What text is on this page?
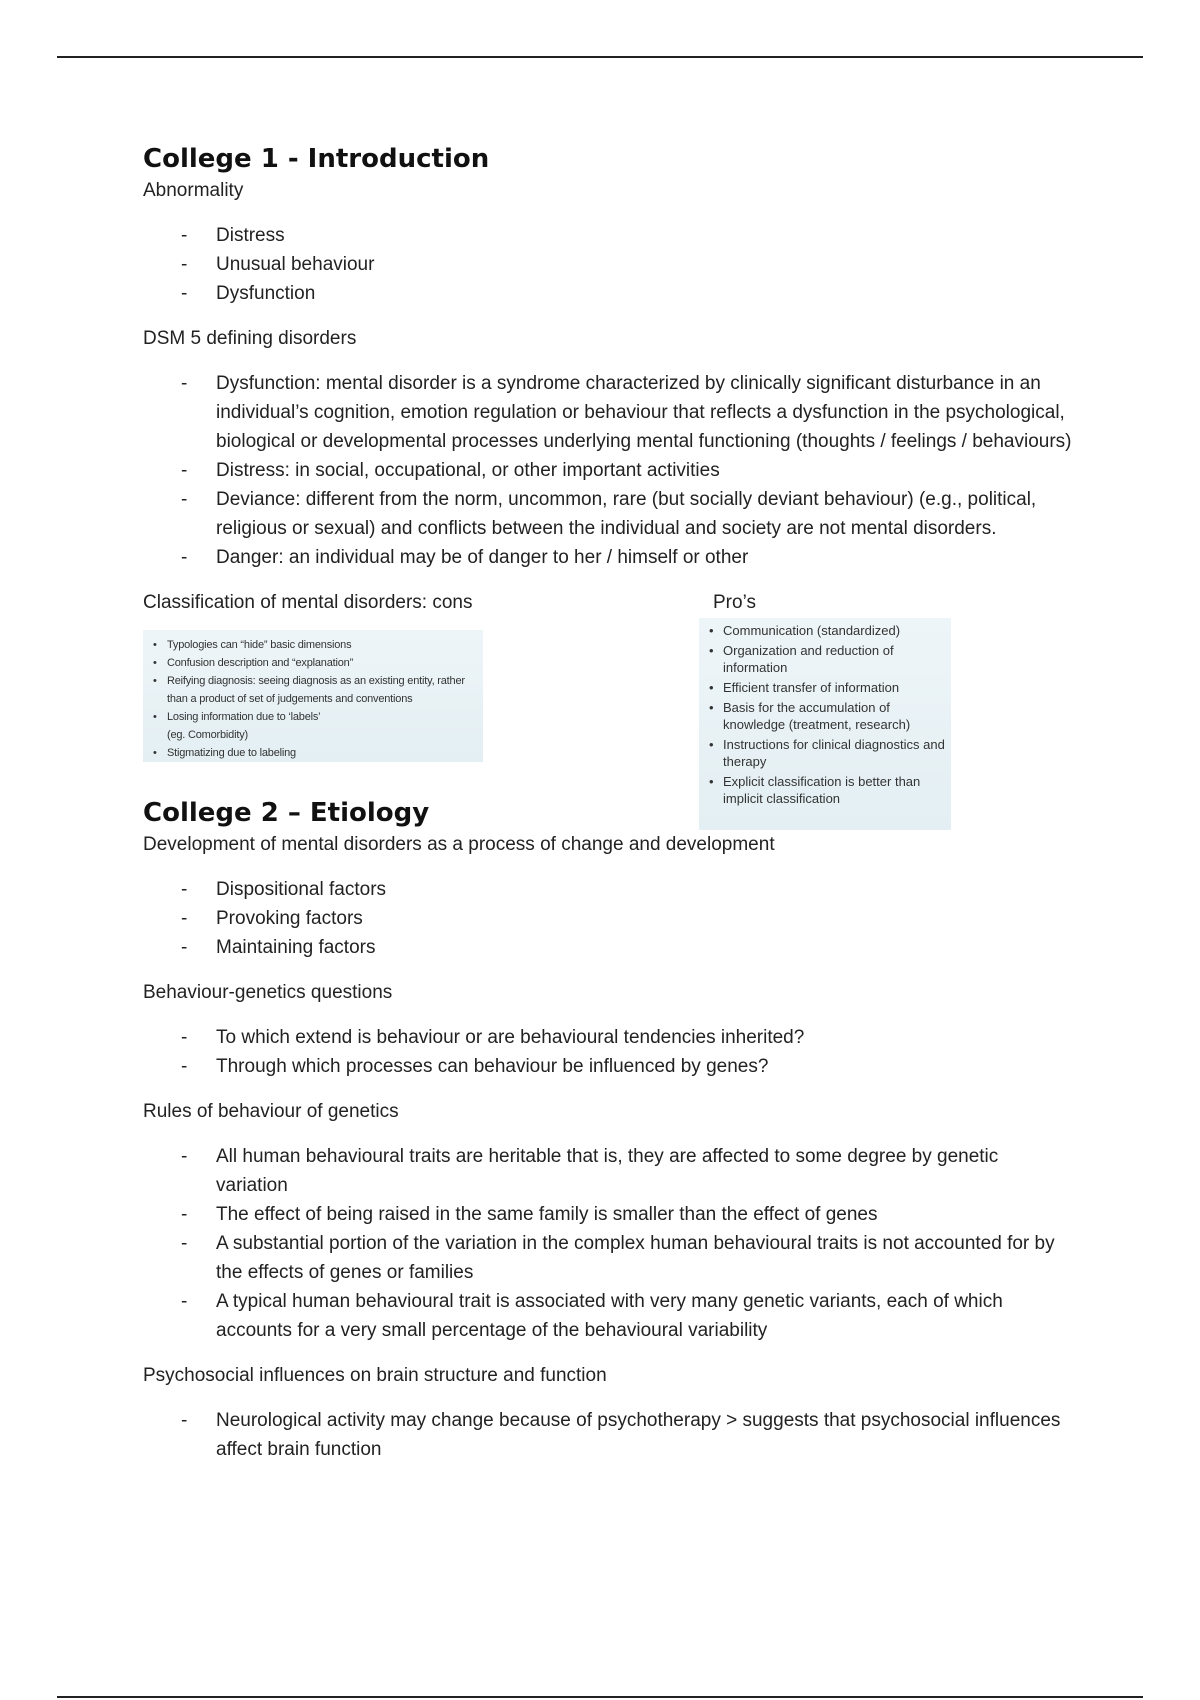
College 1 - Introduction

Abnormality

- Distress
- Unusual behaviour
- Dysfunction

DSM 5 defining disorders

- Dysfunction: mental disorder is a syndrome characterized by clinically significant disturbance in an individual’s cognition, emotion regulation or behaviour that reflects a dysfunction in the psychological, biological or developmental processes underlying mental functioning (thoughts / feelings / behaviours)
- Distress: in social, occupational, or other important activities
- Deviance: different from the norm, uncommon, rare (but socially deviant behaviour) (e.g., political, religious or sexual) and conflicts between the individual and society are not mental disorders.
- Danger: an individual may be of danger to her / himself or other
Classification of mental disorders: cons	Pro’s
• Typologies can “hide” basic dimensions
• Confusion description and “explanation”
• Reifying diagnosis: seeing diagnosis as an existing entity, rather than a product of set of judgements and conventions
• Losing information due to ‘labels’
(eg. Comorbidity)
• Stigmatizing due to labeling
• Communication (standardized)
• Organization and reduction of information
• Efficient transfer of information
• Basis for the accumulation of knowledge (treatment, research)
• Instructions for clinical diagnostics and therapy
• Explicit classification is better than implicit classification
College 2 – Etiology

Development of mental disorders as a process of change and development

- Dispositional factors
- Provoking factors
- Maintaining factors

Behaviour-genetics questions

- To which extend is behaviour or are behavioural tendencies inherited?
- Through which processes can behaviour be influenced by genes?

Rules of behaviour of genetics

- All human behavioural traits are heritable that is, they are affected to some degree by genetic variation
- The effect of being raised in the same family is smaller than the effect of genes
- A substantial portion of the variation in the complex human behavioural traits is not accounted for by the effects of genes or families
- A typical human behavioural trait is associated with very many genetic variants, each of which accounts for a very small percentage of the behavioural variability

Psychosocial influences on brain structure and function

- Neurological activity may change because of psychotherapy > suggests that psychosocial influences affect brain function
